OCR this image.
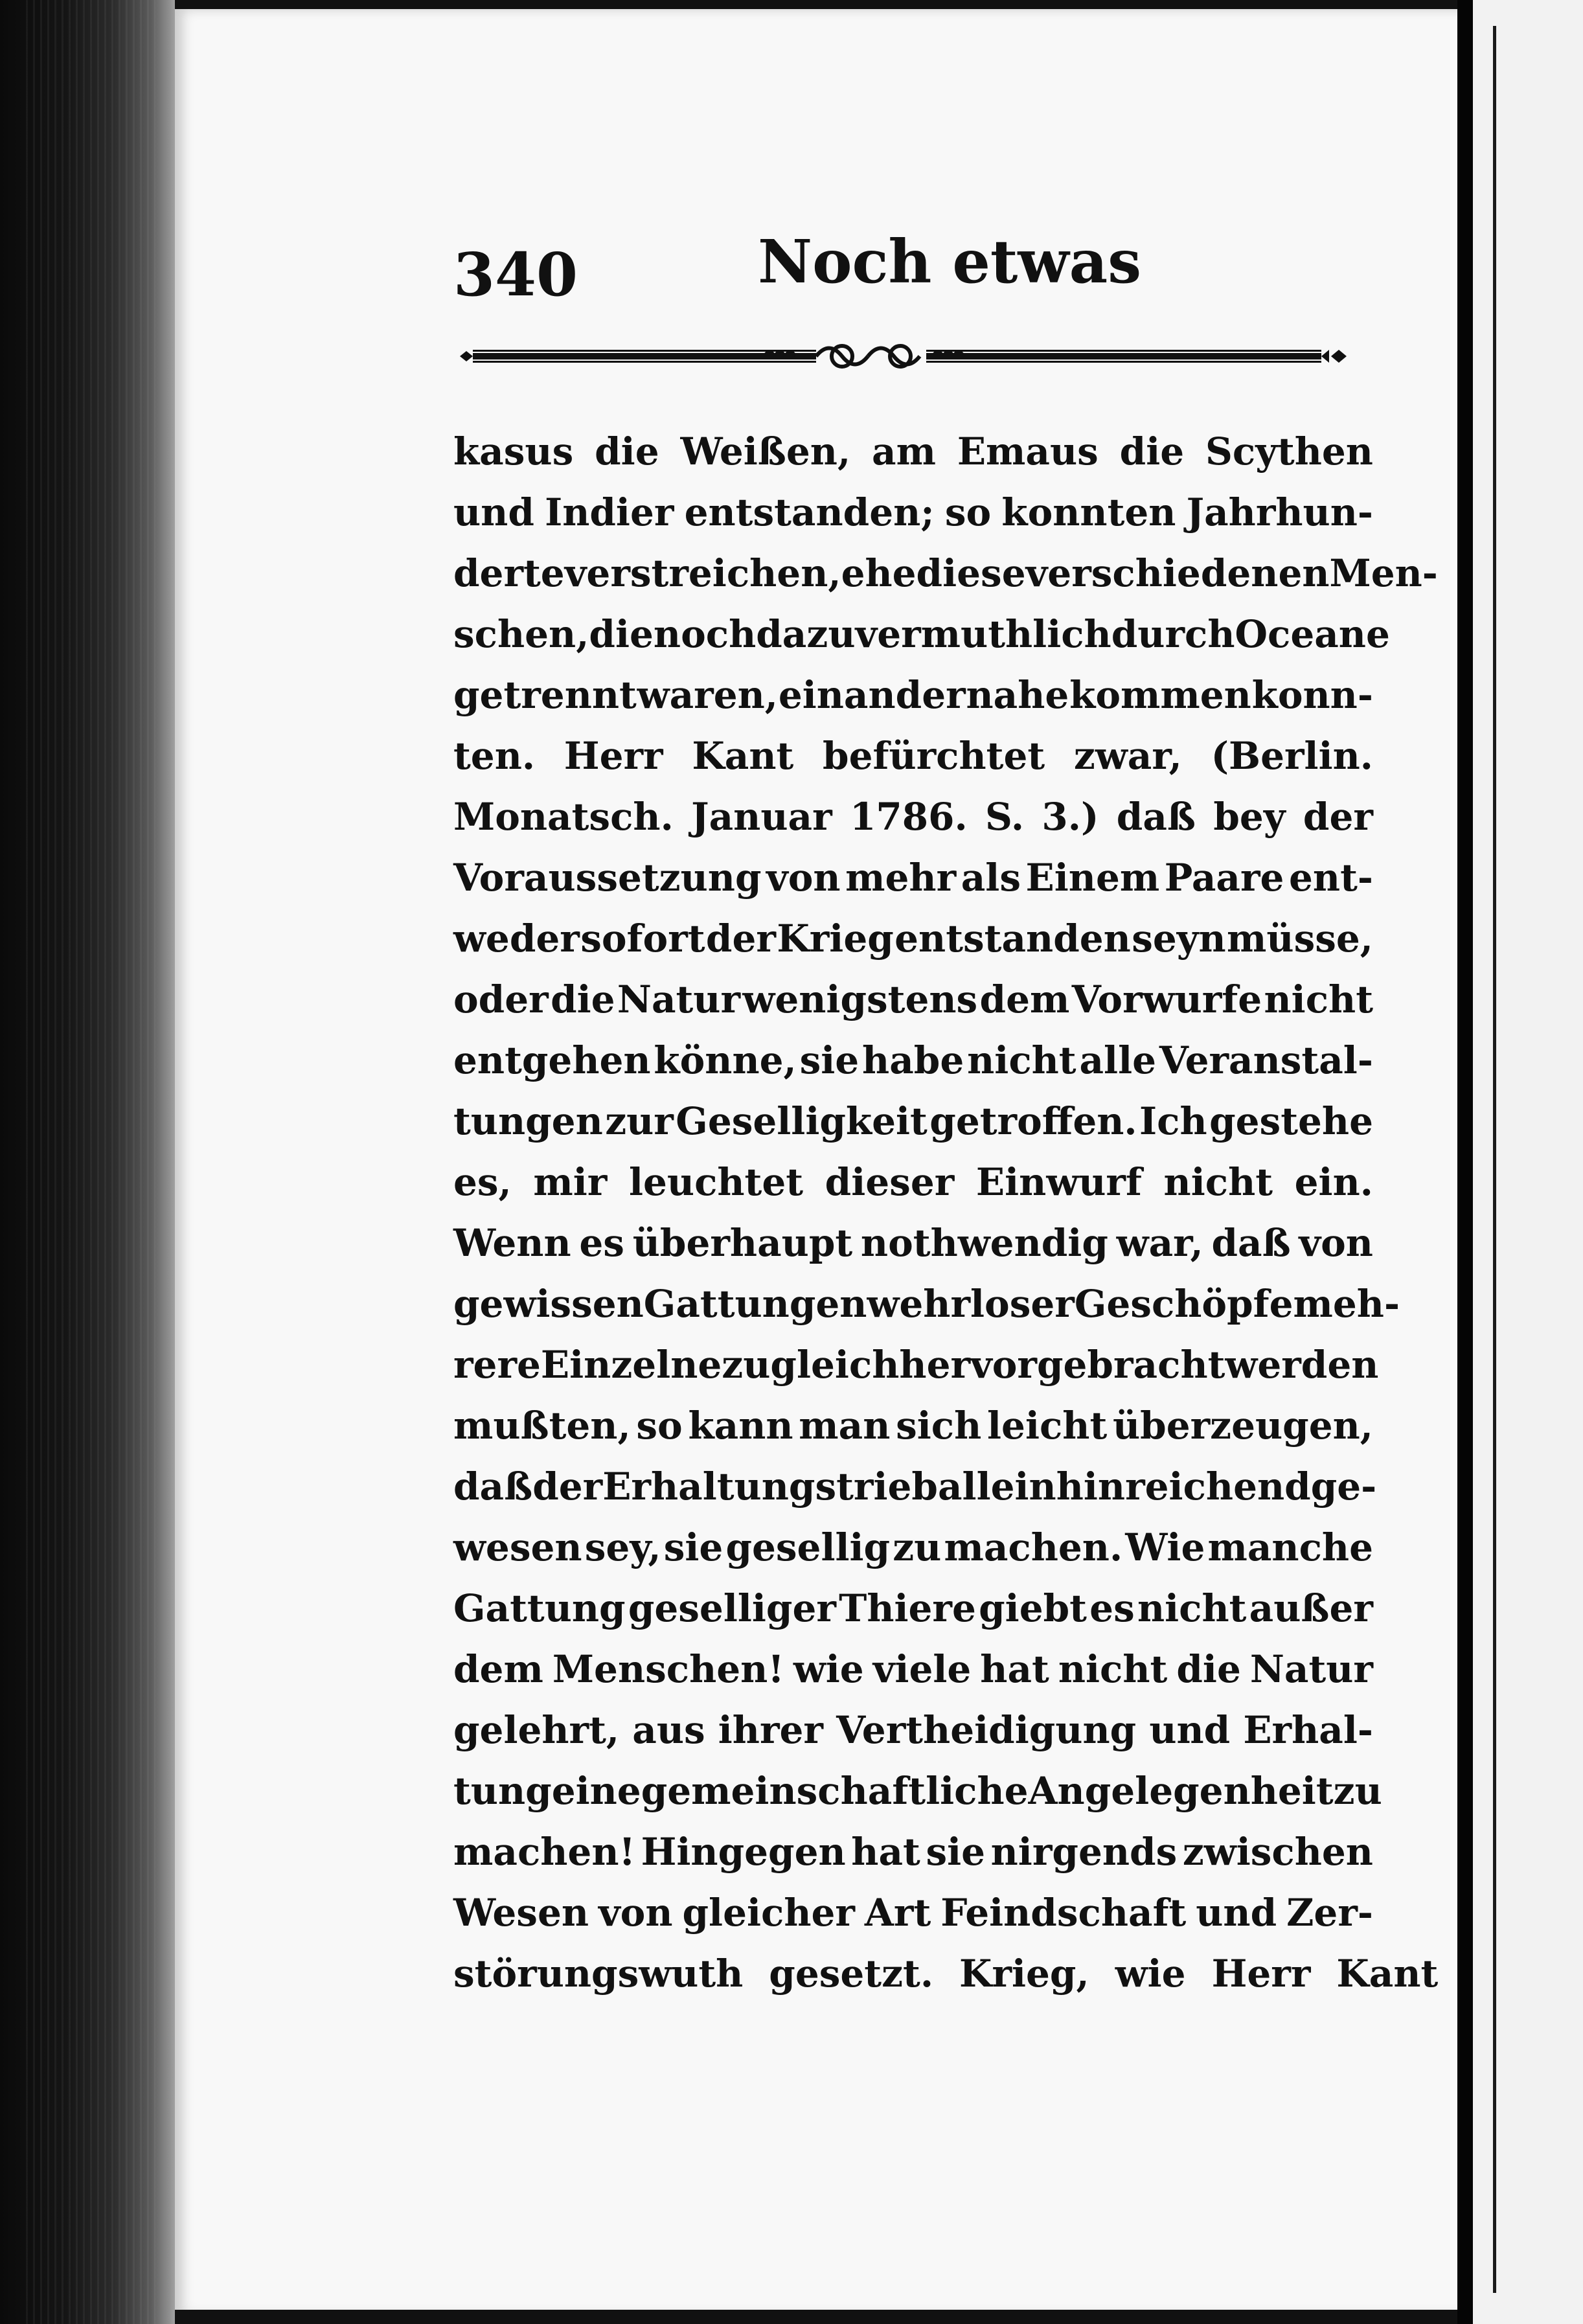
340	Noch etwas
kasus die Weißen, am Emaus die Scythen
und Indier entstanden; so konnten Jahrhun-
derte verstreichen, ehe diese verschiedenen Men-
schen, die noch dazu vermuthlich durch Oceane
getrennt waren, einander nahe kommen konn-
ten. Herr Kant befürchtet zwar, (Berlin.
Monatsch. Januar 1786. S. 3.) daß bey der
Voraussetzung von mehr als Einem Paare ent-
weder sofort der Krieg entstanden seyn müsse,
oder die Natur wenigstens dem Vorwurfe nicht
entgehen könne, sie habe nicht alle Veranstal-
tungen zur Geselligkeit getroffen. Ich gestehe
es, mir leuchtet dieser Einwurf nicht ein.
Wenn es überhaupt nothwendig war, daß von
gewissen Gattungen wehrloser Geschöpfe meh-
rere Einzelne zugleich hervorgebracht werden
mußten, so kann man sich leicht überzeugen,
daß der Erhaltungstrieb allein hinreichend ge-
wesen sey, sie gesellig zu machen. Wie manche
Gattung geselliger Thiere giebt es nicht außer
dem Menschen! wie viele hat nicht die Natur
gelehrt, aus ihrer Vertheidigung und Erhal-
tung eine gemeinschaftliche Angelegenheit zu
machen! Hingegen hat sie nirgends zwischen
Wesen von gleicher Art Feindschaft und Zer-
störungswuth gesetzt. Krieg, wie Herr Kant
